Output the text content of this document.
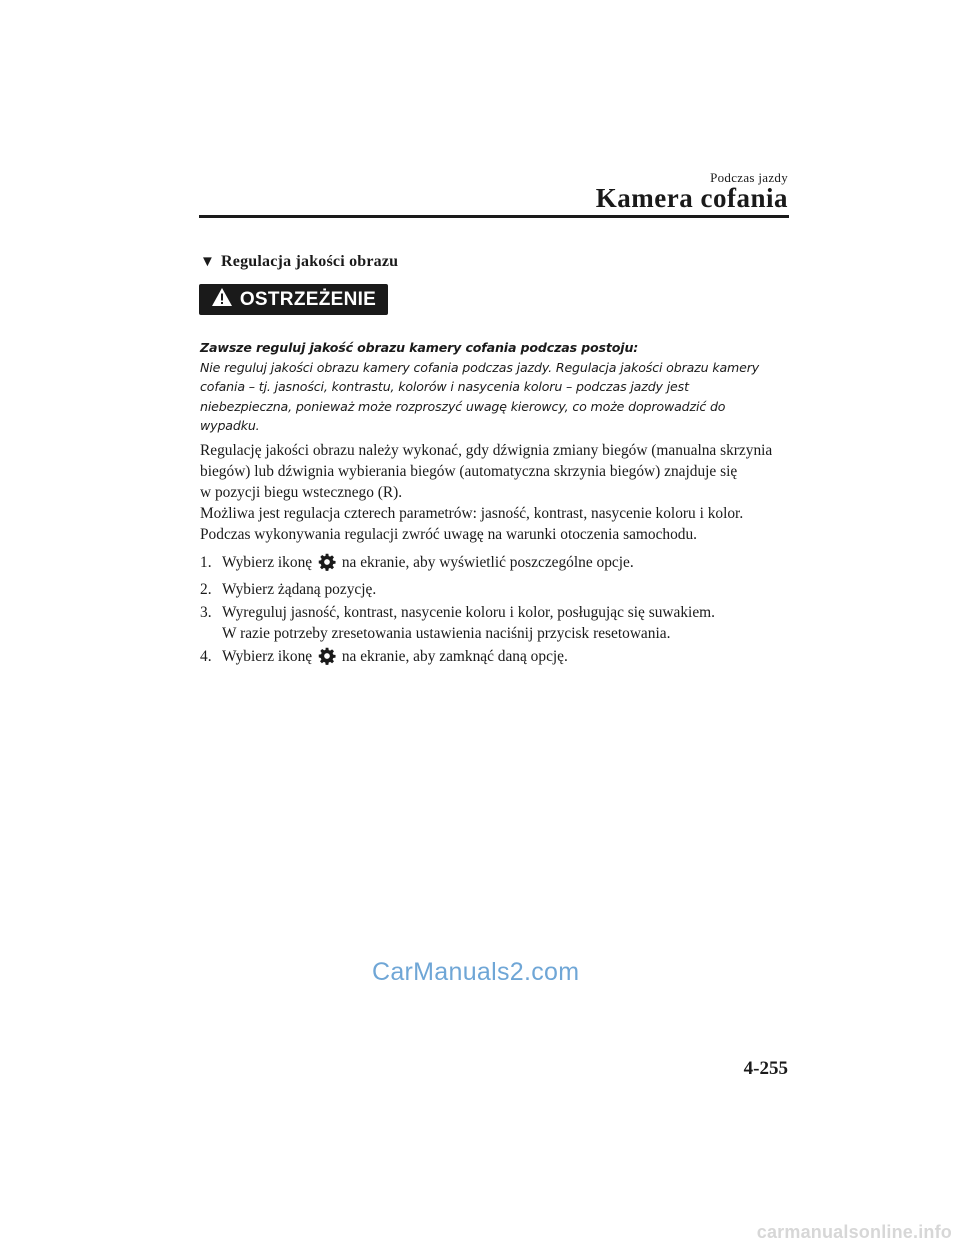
Podczas jazdy
Kamera cofania
▼ Regulacja jakości obrazu
OSTRZEŻENIE
Zawsze reguluj jakość obrazu kamery cofania podczas postoju:
Nie reguluj jakości obrazu kamery cofania podczas jazdy. Regulacja jakości obrazu kamery
cofania – tj. jasności, kontrastu, kolorów i nasycenia koloru – podczas jazdy jest
niebezpieczna, ponieważ może rozproszyć uwagę kierowcy, co może doprowadzić do
wypadku.
Regulację jakości obrazu należy wykonać, gdy dźwignia zmiany biegów (manualna skrzynia
biegów) lub dźwignia wybierania biegów (automatyczna skrzynia biegów) znajduje się
w pozycji biegu wstecznego (R).
Możliwa jest regulacja czterech parametrów: jasność, kontrast, nasycenie koloru i kolor.
Podczas wykonywania regulacji zwróć uwagę na warunki otoczenia samochodu.
1. Wybierz ikonę na ekranie, aby wyświetlić poszczególne opcje.
2. Wybierz żądaną pozycję.
3. Wyreguluj jasność, kontrast, nasycenie koloru i kolor, posługując się suwakiem.
W razie potrzeby zresetowania ustawienia naciśnij przycisk resetowania.
4. Wybierz ikonę na ekranie, aby zamknąć daną opcję.
CarManuals2.com
4-255
carmanualsonline.info
